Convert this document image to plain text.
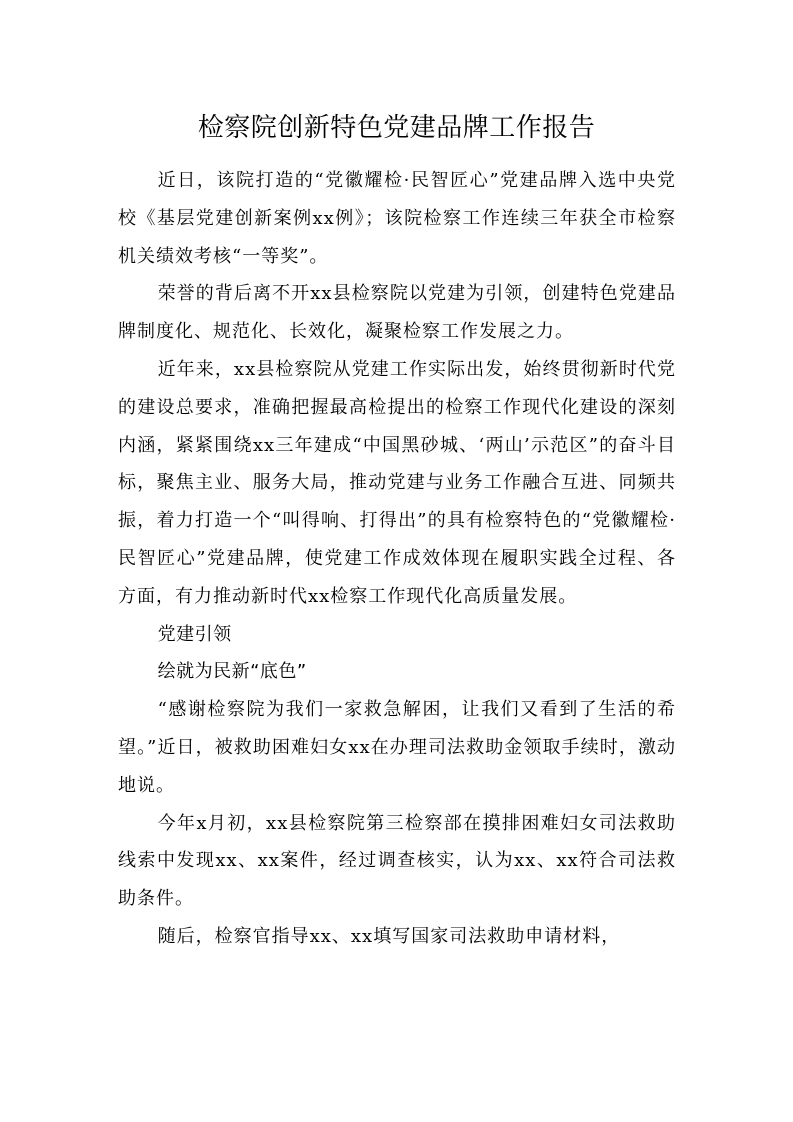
检察院创新特色党建品牌工作报告

近日，该院打造的“党徽耀检·民智匠心”党建品牌入选中央党校《基层党建创新案例xx例》；该院检察工作连续三年获全市检察机关绩效考核“一等奖”。

荣誉的背后离不开xx县检察院以党建为引领，创建特色党建品牌制度化、规范化、长效化，凝聚检察工作发展之力。

近年来，xx县检察院从党建工作实际出发，始终贯彻新时代党的建设总要求，准确把握最高检提出的检察工作现代化建设的深刻内涵，紧紧围绕xx三年建成“中国黑砂城、‘两山’示范区”的奋斗目标，聚焦主业、服务大局，推动党建与业务工作融合互进、同频共振，着力打造一个“叫得响、打得出”的具有检察特色的“党徽耀检·民智匠心”党建品牌，使党建工作成效体现在履职实践全过程、各方面，有力推动新时代xx检察工作现代化高质量发展。

党建引领

绘就为民新“底色”

“感谢检察院为我们一家救急解困，让我们又看到了生活的希望。”近日，被救助困难妇女xx在办理司法救助金领取手续时，激动地说。

今年x月初，xx县检察院第三检察部在摸排困难妇女司法救助线索中发现xx、xx案件，经过调查核实，认为xx、xx符合司法救助条件。

随后，检察官指导xx、xx填写国家司法救助申请材料，
